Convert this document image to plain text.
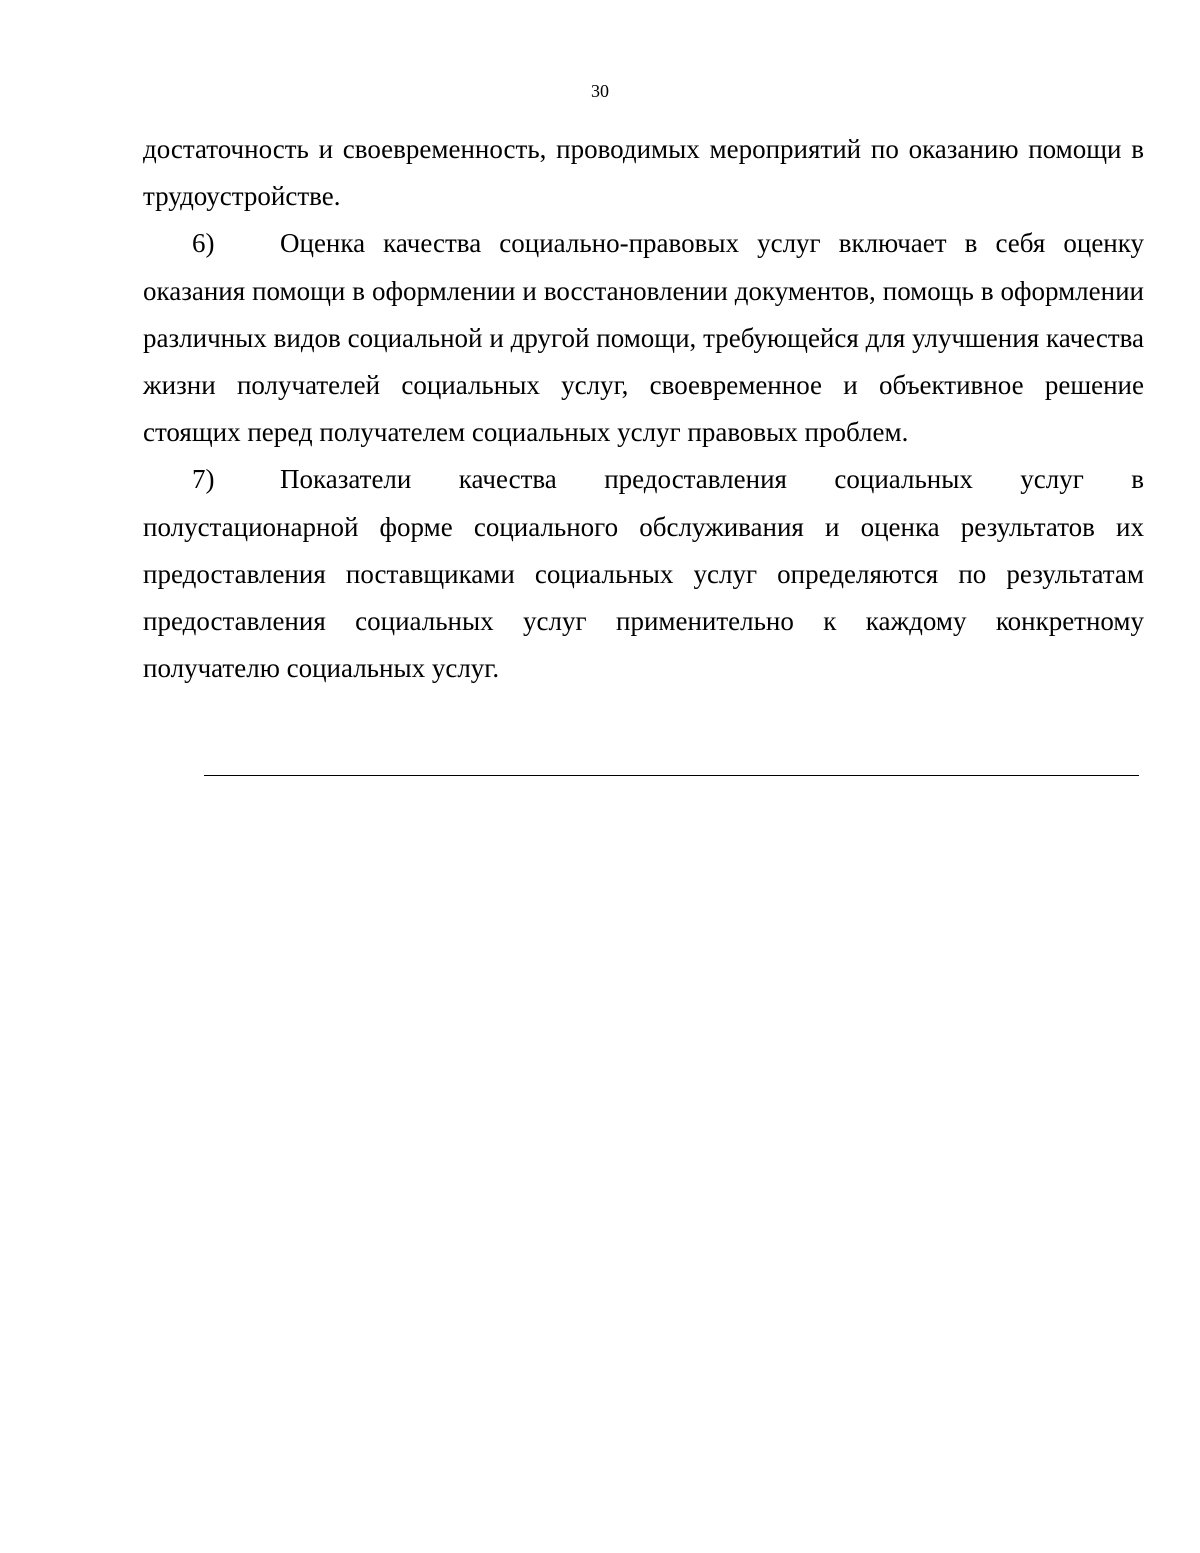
30

достаточность и своевременность, проводимых мероприятий по оказанию помощи в трудоустройстве.

6) Оценка качества социально-правовых услуг включает в себя оценку оказания помощи в оформлении и восстановлении документов, помощь в оформлении различных видов социальной и другой помощи, требующейся для улучшения качества жизни получателей социальных услуг, своевременное и объективное решение стоящих перед получателем социальных услуг правовых проблем.

7) Показатели качества предоставления социальных услуг в полустационарной форме социального обслуживания и оценка результатов их предоставления поставщиками социальных услуг определяются по результатам предоставления социальных услуг применительно к каждому конкретному получателю социальных услуг.
